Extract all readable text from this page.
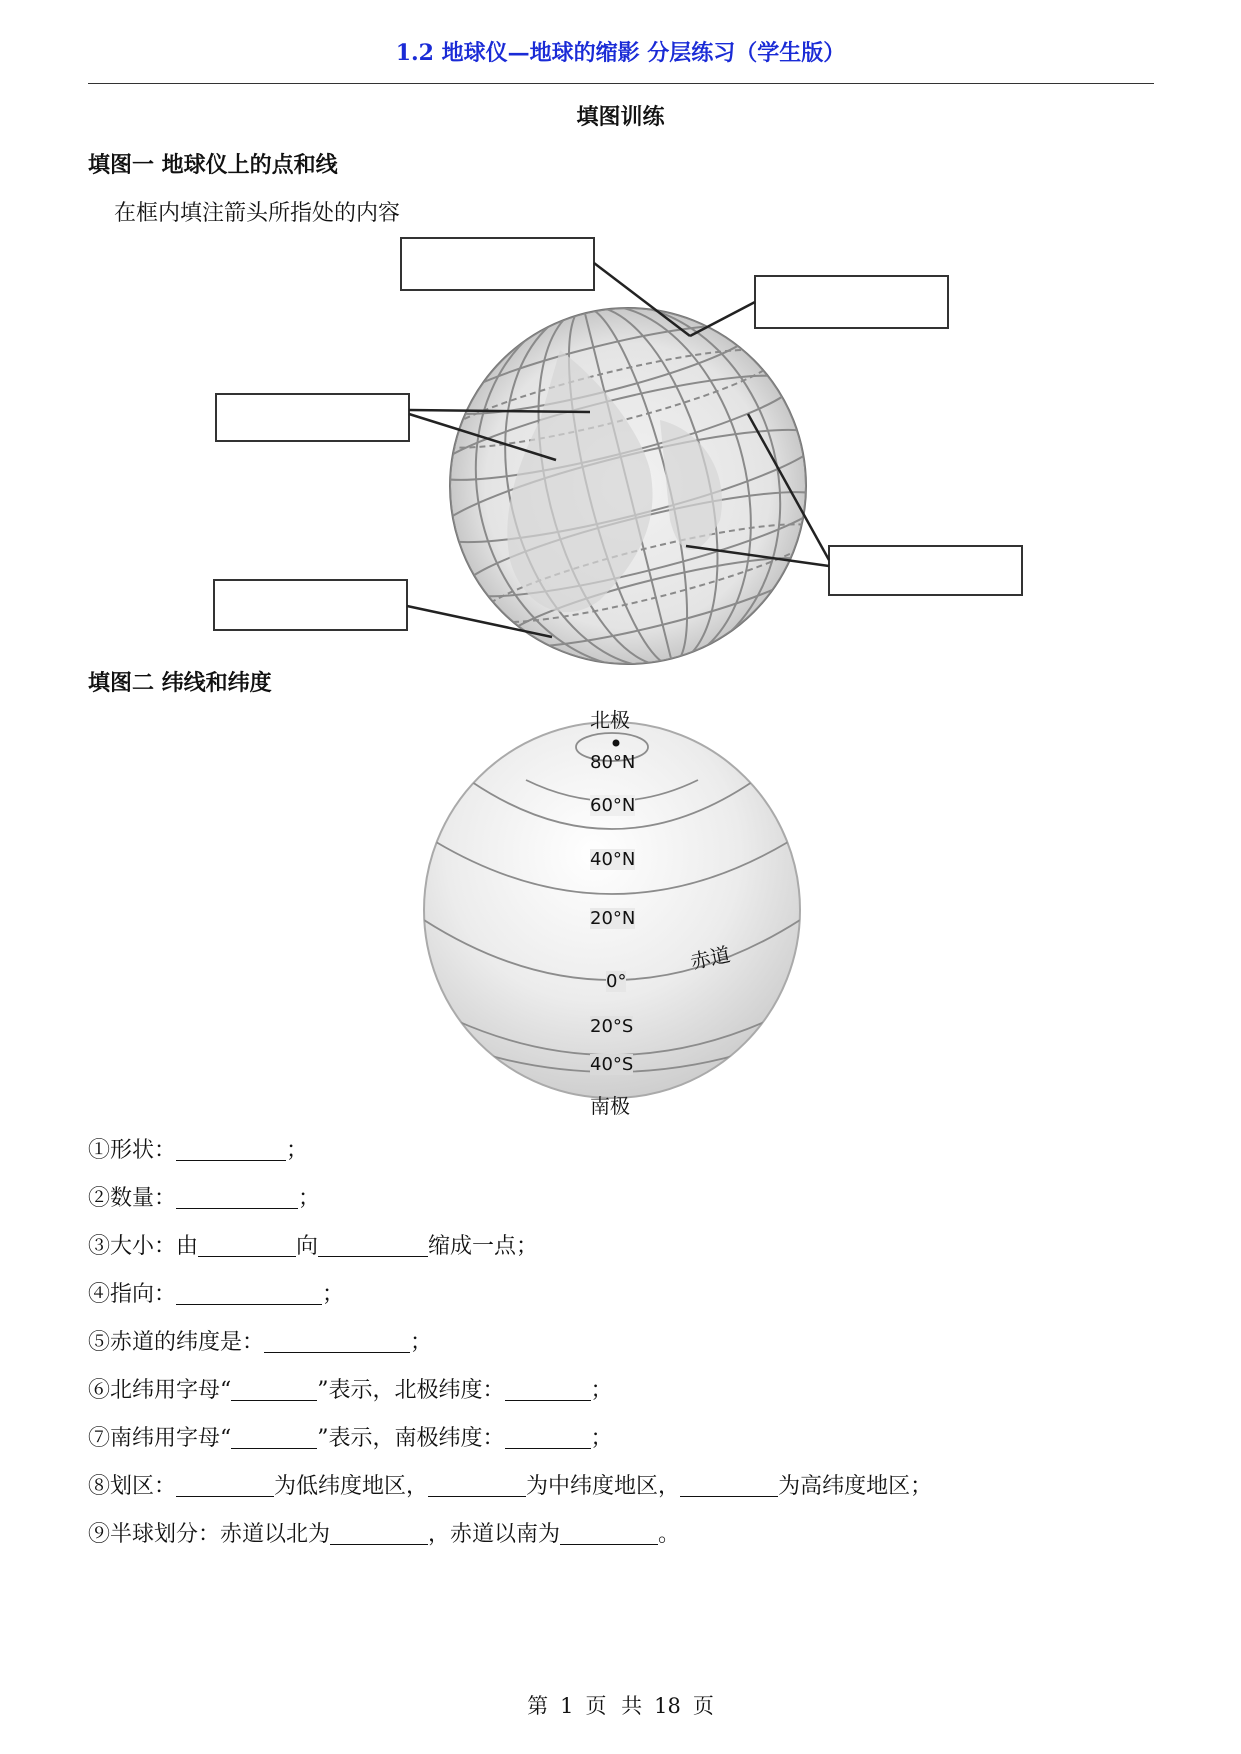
1.2 地球仪—地球的缩影 分层练习（学生版）
填图训练
填图一 地球仪上的点和线
在框内填注箭头所指处的内容
填图二 纬线和纬度
北极
南极
80°N
60°N
40°N
20°N
0°
20°S
40°S
赤道
①形状：	；
②数量：	；
③大小：由	向	缩成一点；
④指向：	；
⑤赤道的纬度是：	；
⑥北纬用字母“	”表示，北极纬度：	；
⑦南纬用字母“	”表示，南极纬度：	；
⑧划区：	为低纬度地区，	为中纬度地区，	为高纬度地区；
⑨半球划分：赤道以北为	，赤道以南为	。
第 1 页 共 18 页
